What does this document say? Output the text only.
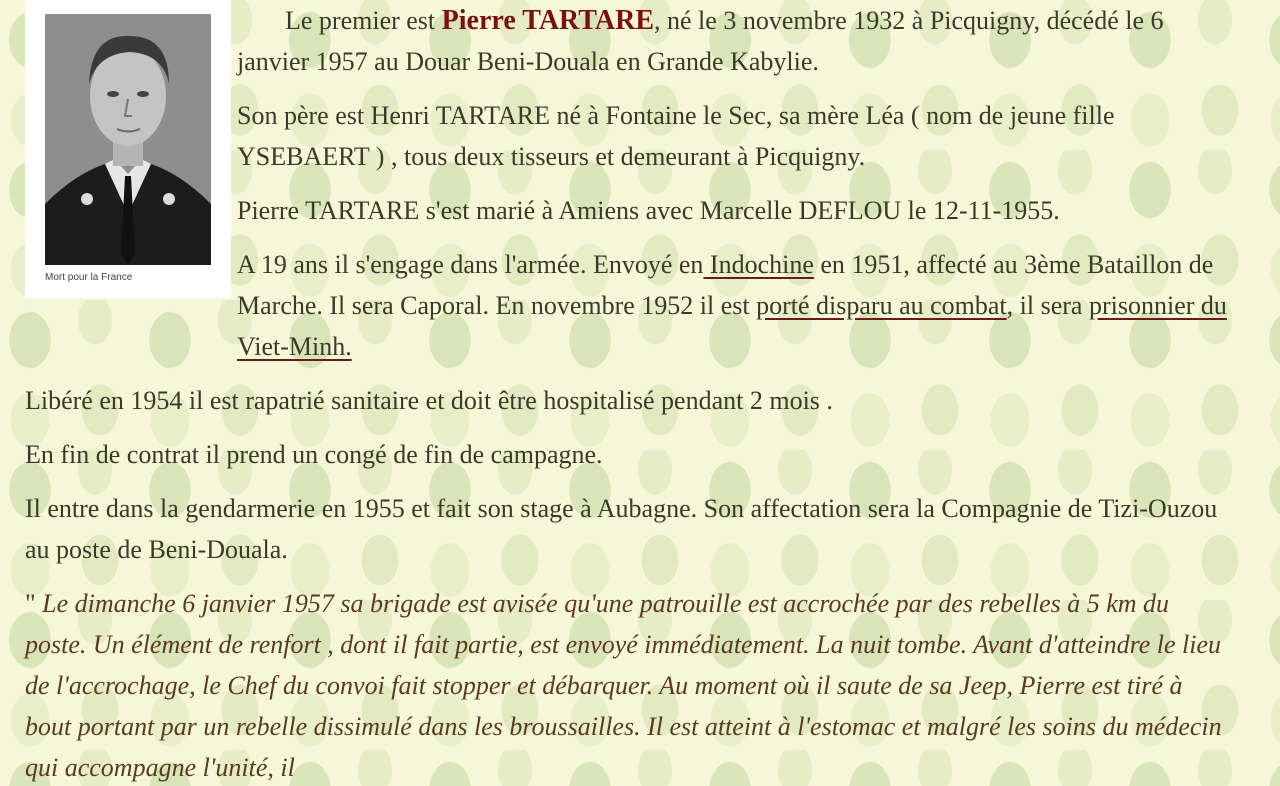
Mort pour la France

Le premier est Pierre TARTARE, né le 3 novembre 1932 à Picquigny, décédé le 6 janvier 1957 au Douar Beni-Douala en Grande Kabylie.

Son père est Henri TARTARE né à Fontaine le Sec, sa mère Léa ( nom de jeune fille YSEBAERT ) , tous deux tisseurs et demeurant à Picquigny.

Pierre TARTARE s'est marié à Amiens avec Marcelle DEFLOU le 12-11-1955.

A 19 ans il s'engage dans l'armée. Envoyé en Indochine en 1951, affecté au 3ème Bataillon de Marche. Il sera Caporal. En novembre 1952 il est porté disparu au combat, il sera prisonnier du Viet-Minh.

Libéré en 1954 il est rapatrié sanitaire et doit être hospitalisé pendant 2 mois .

En fin de contrat il prend un congé de fin de campagne.

Il entre dans la gendarmerie en 1955 et fait son stage à Aubagne. Son affectation sera la Compagnie de Tizi-Ouzou au poste de Beni-Douala.

" Le dimanche 6 janvier 1957 sa brigade est avisée qu'une patrouille est accrochée par des rebelles à 5 km du poste. Un élément de renfort , dont il fait partie, est envoyé immédiatement. La nuit tombe. Avant d'atteindre le lieu de l'accrochage, le Chef du convoi fait stopper et débarquer. Au moment où il saute de sa Jeep, Pierre est tiré à bout portant par un rebelle dissimulé dans les broussailles. Il est atteint à l'estomac et malgré les soins du médecin qui accompagne l'unité, il
